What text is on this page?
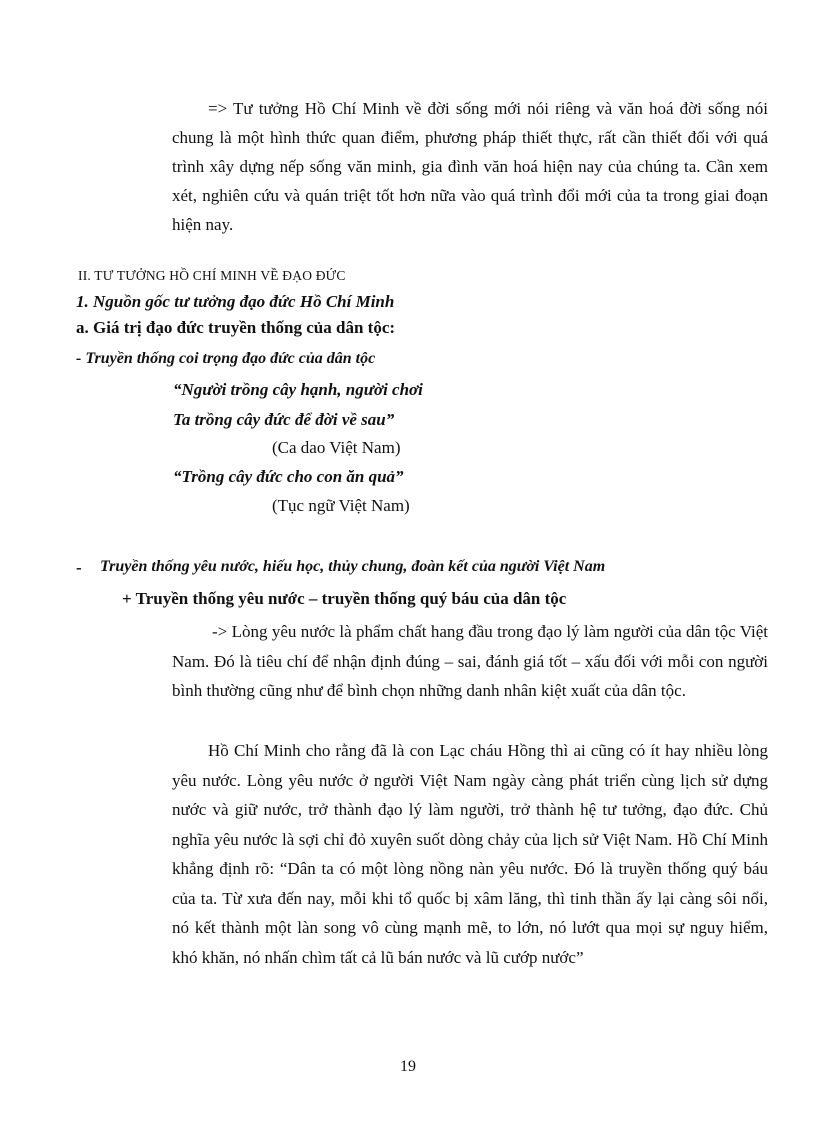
=> Tư tưởng Hồ Chí Minh về đời sống mới nói riêng và văn hoá đời sống nói chung là một hình thức quan điểm, phương pháp thiết thực, rất cần thiết đối với quá trình xây dựng nếp sống văn minh, gia đình văn hoá hiện nay của chúng ta. Cần xem xét, nghiên cứu và quán triệt tốt hơn nữa vào quá trình đổi mới của ta trong giai đoạn hiện nay.

II. TƯ TƯỞNG HỒ CHÍ MINH VỀ ĐẠO ĐỨC
1. Nguồn gốc tư tưởng đạo đức Hồ Chí Minh
a. Giá trị đạo đức truyền thống của dân tộc:
- Truyền thống coi trọng đạo đức của dân tộc
“Người trồng cây hạnh, người chơi
Ta trồng cây đức để đời về sau”
(Ca dao Việt Nam)
“Trồng cây đức cho con ăn quả”
(Tục ngữ Việt Nam)
- Truyền thống yêu nước, hiếu học, thủy chung, đoàn kết của người Việt Nam
+ Truyền thống yêu nước – truyền thống quý báu của dân tộc

-> Lòng yêu nước là phẩm chất hang đầu trong đạo lý làm người của dân tộc Việt Nam. Đó là tiêu chí để nhận định đúng – sai, đánh giá tốt – xấu đối với mỗi con người bình thường cũng như để bình chọn những danh nhân kiệt xuất của dân tộc.

Hồ Chí Minh cho rằng đã là con Lạc cháu Hồng thì ai cũng có ít hay nhiều lòng yêu nước. Lòng yêu nước ở người Việt Nam ngày càng phát triển cùng lịch sử dựng nước và giữ nước, trở thành đạo lý làm người, trở thành hệ tư tưởng, đạo đức. Chủ nghĩa yêu nước là sợi chỉ đỏ xuyên suốt dòng chảy của lịch sử Việt Nam. Hồ Chí Minh khẳng định rõ: “Dân ta có một lòng nồng nàn yêu nước. Đó là truyền thống quý báu của ta. Từ xưa đến nay, mỗi khi tổ quốc bị xâm lăng, thì tinh thần ấy lại càng sôi nổi, nó kết thành một làn song vô cùng mạnh mẽ, to lớn, nó lướt qua mọi sự nguy hiểm, khó khăn, nó nhấn chìm tất cả lũ bán nước và lũ cướp nước”

19
